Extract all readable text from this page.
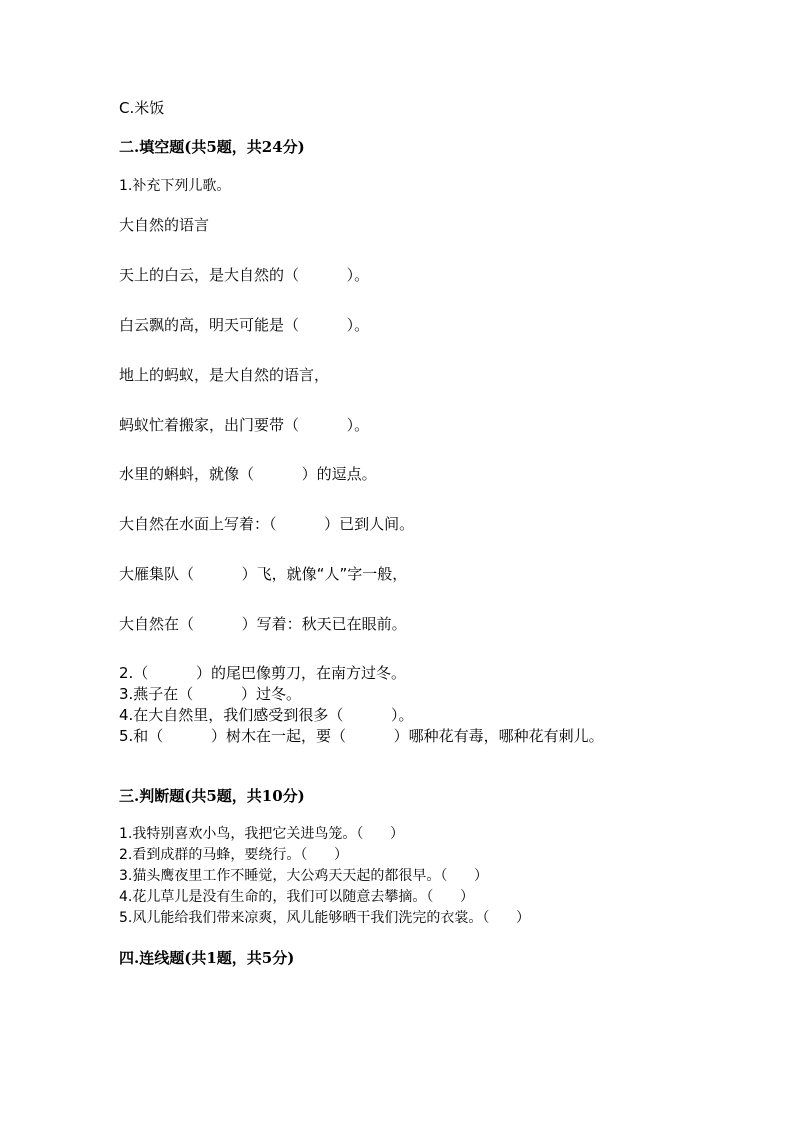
C.米饭
二.填空题(共5题，共24分)
1.补充下列儿歌。
大自然的语言
天上的白云，是大自然的（          ）。
白云飘的高，明天可能是（          ）。
地上的蚂蚁，是大自然的语言，
蚂蚁忙着搬家，出门要带（          ）。
水里的蝌蚪，就像（          ）的逗点。
大自然在水面上写着：（          ）已到人间。
大雁集队（          ）飞，就像“人”字一般，
大自然在（          ）写着：秋天已在眼前。
2.（          ）的尾巴像剪刀，在南方过冬。
3.燕子在（          ）过冬。
4.在大自然里，我们感受到很多（          ）。
5.和（          ）树木在一起，要（          ）哪种花有毒，哪种花有刺儿。
三.判断题(共5题，共10分)
1.我特别喜欢小鸟，我把它关进鸟笼。（      ）
2.看到成群的马蜂，要绕行。（      ）
3.猫头鹰夜里工作不睡觉，大公鸡天天起的都很早。（      ）
4.花儿草儿是没有生命的，我们可以随意去攀摘。（      ）
5.风儿能给我们带来凉爽，风儿能够晒干我们洗完的衣裳。（      ）
四.连线题(共1题，共5分)
